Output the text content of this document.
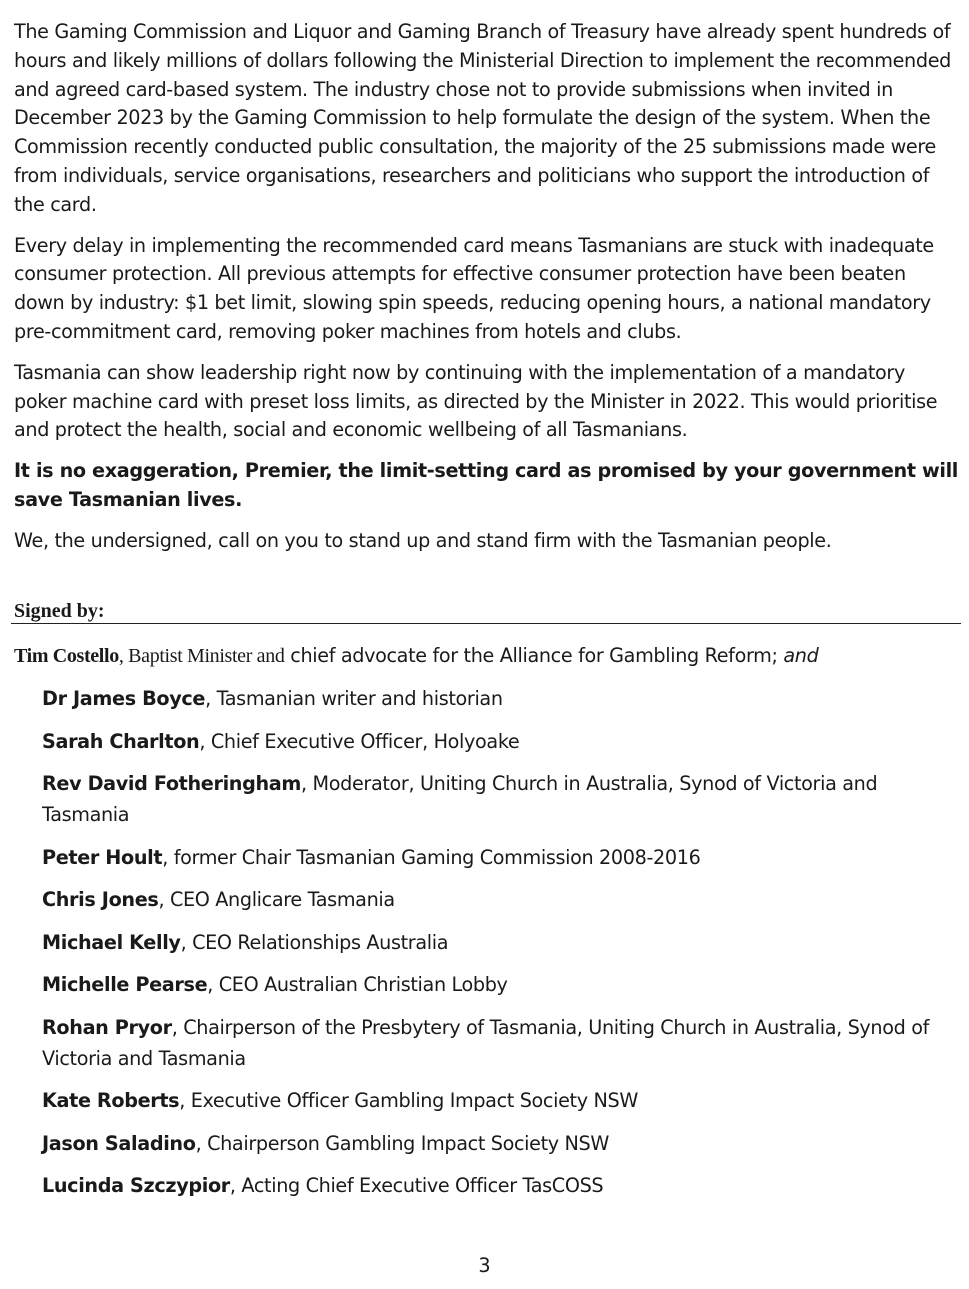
The Gaming Commission and Liquor and Gaming Branch of Treasury have already spent hundreds of hours and likely millions of dollars following the Ministerial Direction to implement the recommended and agreed card-based system. The industry chose not to provide submissions when invited in December 2023 by the Gaming Commission to help formulate the design of the system. When the Commission recently conducted public consultation, the majority of the 25 submissions made were from individuals, service organisations, researchers and politicians who support the introduction of the card.

Every delay in implementing the recommended card means Tasmanians are stuck with inadequate consumer protection. All previous attempts for effective consumer protection have been beaten down by industry: $1 bet limit, slowing spin speeds, reducing opening hours, a national mandatory pre-commitment card, removing poker machines from hotels and clubs.

Tasmania can show leadership right now by continuing with the implementation of a mandatory poker machine card with preset loss limits, as directed by the Minister in 2022. This would prioritise and protect the health, social and economic wellbeing of all Tasmanians.

It is no exaggeration, Premier, the limit-setting card as promised by your government will save Tasmanian lives.

We, the undersigned, call on you to stand up and stand firm with the Tasmanian people.

Signed by:
Tim Costello, Baptist Minister and chief advocate for the Alliance for Gambling Reform; and
Dr James Boyce, Tasmanian writer and historian
Sarah Charlton, Chief Executive Officer, Holyoake
Rev David Fotheringham, Moderator, Uniting Church in Australia, Synod of Victoria and Tasmania
Peter Hoult, former Chair Tasmanian Gaming Commission 2008-2016
Chris Jones, CEO Anglicare Tasmania
Michael Kelly, CEO Relationships Australia
Michelle Pearse, CEO Australian Christian Lobby
Rohan Pryor, Chairperson of the Presbytery of Tasmania, Uniting Church in Australia, Synod of Victoria and Tasmania
Kate Roberts, Executive Officer Gambling Impact Society NSW
Jason Saladino, Chairperson Gambling Impact Society NSW
Lucinda Szczypior, Acting Chief Executive Officer TasCOSS
3
